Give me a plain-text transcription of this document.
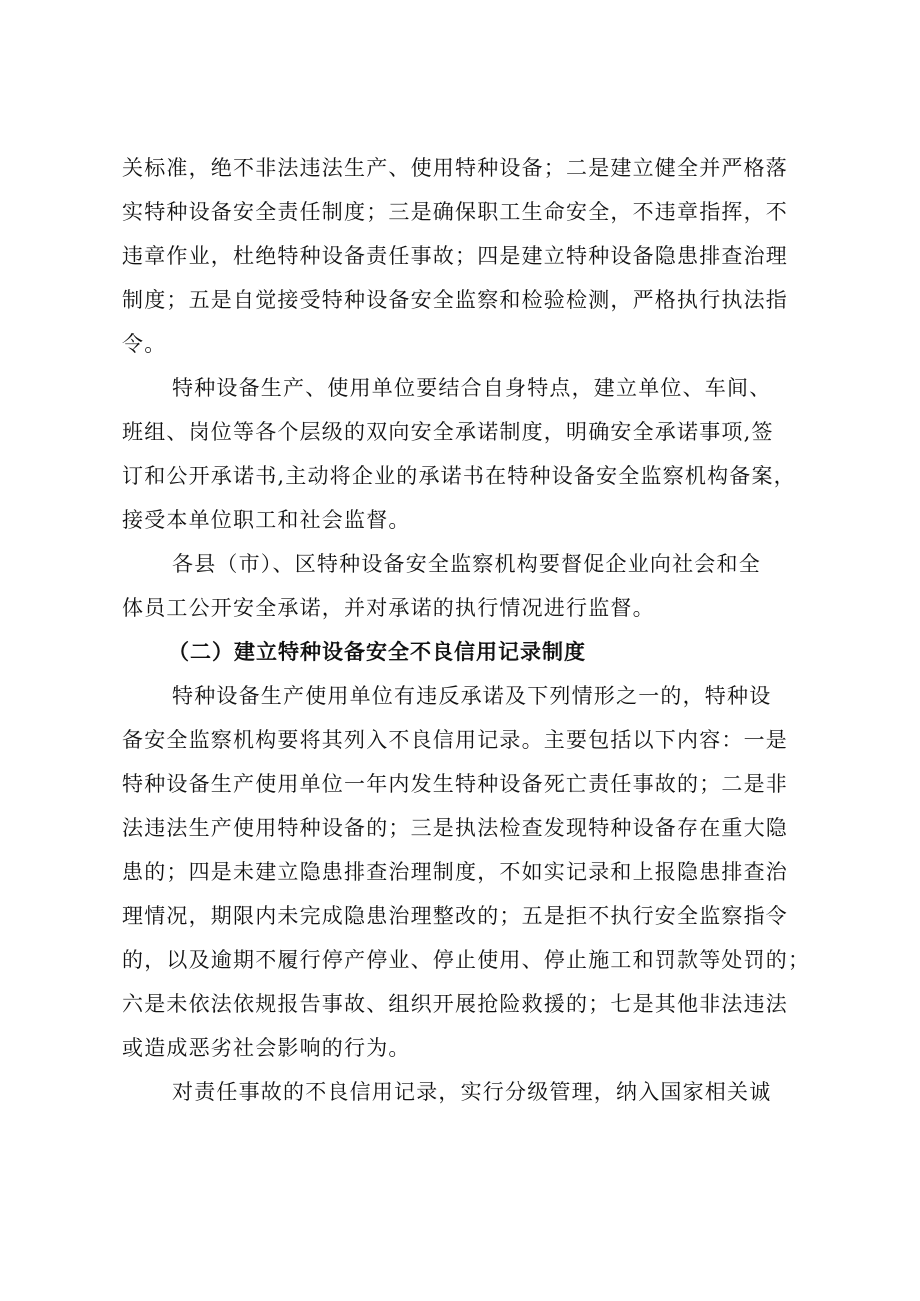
关标准，绝不非法违法生产、使用特种设备；二是建立健全并严格落
实特种设备安全责任制度；三是确保职工生命安全，不违章指挥，不
违章作业，杜绝特种设备责任事故；四是建立特种设备隐患排查治理
制度；五是自觉接受特种设备安全监察和检验检测，严格执行执法指
令。
特种设备生产、使用单位要结合自身特点，建立单位、车间、
班组、岗位等各个层级的双向安全承诺制度，明确安全承诺事项,签
订和公开承诺书,主动将企业的承诺书在特种设备安全监察机构备案，
接受本单位职工和社会监督。
各县（市）、区特种设备安全监察机构要督促企业向社会和全
体员工公开安全承诺，并对承诺的执行情况进行监督。
（二）建立特种设备安全不良信用记录制度
特种设备生产使用单位有违反承诺及下列情形之一的，特种设
备安全监察机构要将其列入不良信用记录。主要包括以下内容：一是
特种设备生产使用单位一年内发生特种设备死亡责任事故的；二是非
法违法生产使用特种设备的；三是执法检查发现特种设备存在重大隐
患的；四是未建立隐患排查治理制度，不如实记录和上报隐患排查治
理情况，期限内未完成隐患治理整改的；五是拒不执行安全监察指令
的，以及逾期不履行停产停业、停止使用、停止施工和罚款等处罚的；
六是未依法依规报告事故、组织开展抢险救援的；七是其他非法违法
或造成恶劣社会影响的行为。
对责任事故的不良信用记录，实行分级管理，纳入国家相关诚
